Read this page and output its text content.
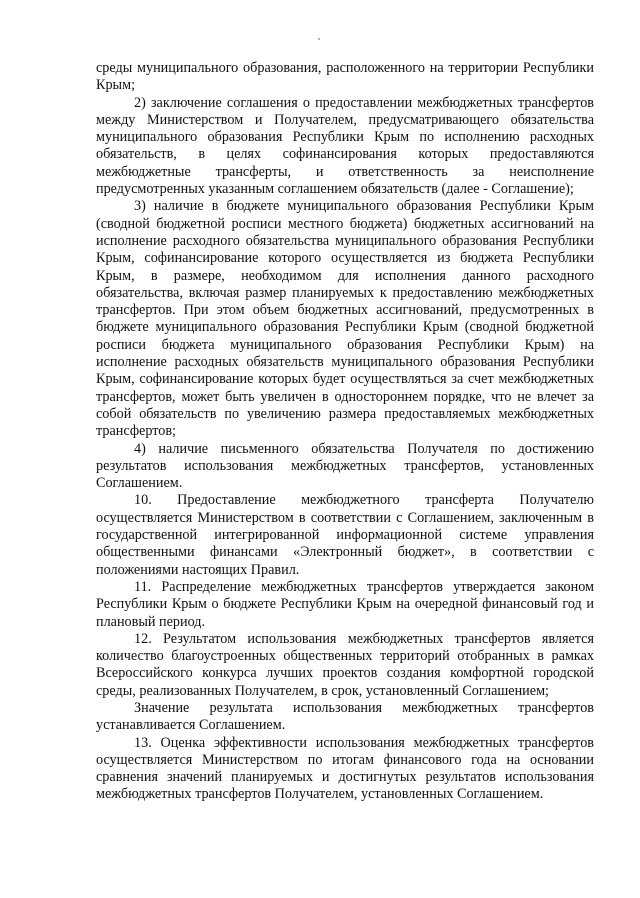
среды муниципального образования, расположенного на территории Республики Крым;

2) заключение соглашения о предоставлении межбюджетных трансфертов между Министерством и Получателем, предусматривающего обязательства муниципального образования Республики Крым по исполнению расходных обязательств, в целях софинансирования которых предоставляются межбюджетные трансферты, и ответственность за неисполнение предусмотренных указанным соглашением обязательств (далее - Соглашение);

3) наличие в бюджете муниципального образования Республики Крым (сводной бюджетной росписи местного бюджета) бюджетных ассигнований на исполнение расходного обязательства муниципального образования Республики Крым, софинансирование которого осуществляется из бюджета Республики Крым, в размере, необходимом для исполнения данного расходного обязательства, включая размер планируемых к предоставлению межбюджетных трансфертов. При этом объем бюджетных ассигнований, предусмотренных в бюджете муниципального образования Республики Крым (сводной бюджетной росписи бюджета муниципального образования Республики Крым) на исполнение расходных обязательств муниципального образования Республики Крым, софинансирование которых будет осуществляться за счет межбюджетных трансфертов, может быть увеличен в одностороннем порядке, что не влечет за собой обязательств по увеличению размера предоставляемых межбюджетных трансфертов;

4) наличие письменного обязательства Получателя по достижению результатов использования межбюджетных трансфертов, установленных Соглашением.

10. Предоставление межбюджетного трансферта Получателю осуществляется Министерством в соответствии с Соглашением, заключенным в государственной интегрированной информационной системе управления общественными финансами «Электронный бюджет», в соответствии с положениями настоящих Правил.

11. Распределение межбюджетных трансфертов утверждается законом Республики Крым о бюджете Республики Крым на очередной финансовый год и плановый период.

12. Результатом использования межбюджетных трансфертов является количество благоустроенных общественных территорий отобранных в рамках Всероссийского конкурса лучших проектов создания комфортной городской среды, реализованных Получателем, в срок, установленный Соглашением;

Значение результата использования межбюджетных трансфертов устанавливается Соглашением.

13. Оценка эффективности использования межбюджетных трансфертов осуществляется Министерством по итогам финансового года на основании сравнения значений планируемых и достигнутых результатов использования межбюджетных трансфертов Получателем, установленных Соглашением.
